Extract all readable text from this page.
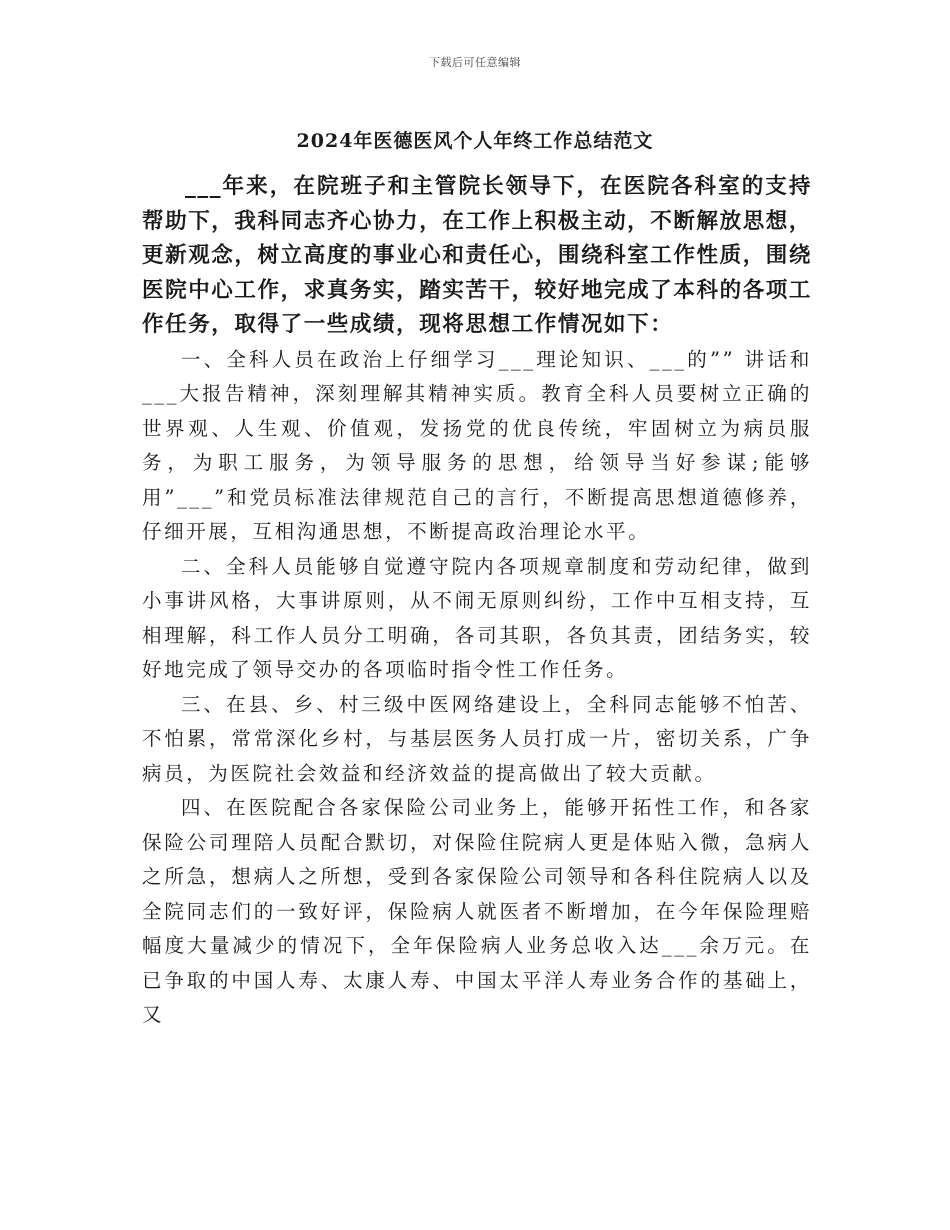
下载后可任意编辑
2024年医德医风个人年终工作总结范文

___年来，在院班子和主管院长领导下，在医院各科室的支持帮助下，我科同志齐心协力，在工作上积极主动，不断解放思想，更新观念，树立高度的事业心和责任心，围绕科室工作性质，围绕医院中心工作，求真务实，踏实苦干，较好地完成了本科的各项工作任务，取得了一些成绩，现将思想工作情况如下：

一、全科人员在政治上仔细学习___理论知识、___的”” 讲话和___大报告精神，深刻理解其精神实质。教育全科人员要树立正确的世界观、人生观、价值观，发扬党的优良传统，牢固树立为病员服务，为职工服务，为领导服务的思想，给领导当好参谋;能够用”___”和党员标准法律规范自己的言行，不断提高思想道德修养，仔细开展，互相沟通思想，不断提高政治理论水平。

二、全科人员能够自觉遵守院内各项规章制度和劳动纪律，做到小事讲风格，大事讲原则，从不闹无原则纠纷，工作中互相支持，互相理解，科工作人员分工明确，各司其职，各负其责，团结务实，较好地完成了领导交办的各项临时指令性工作任务。

三、在县、乡、村三级中医网络建设上，全科同志能够不怕苦、不怕累，常常深化乡村，与基层医务人员打成一片，密切关系，广争病员，为医院社会效益和经济效益的提高做出了较大贡献。

四、在医院配合各家保险公司业务上，能够开拓性工作，和各家保险公司理陪人员配合默切，对保险住院病人更是体贴入微，急病人之所急，想病人之所想，受到各家保险公司领导和各科住院病人以及全院同志们的一致好评，保险病人就医者不断增加，在今年保险理赔幅度大量减少的情况下，全年保险病人业务总收入达___余万元。在已争取的中国人寿、太康人寿、中国太平洋人寿业务合作的基础上，又
